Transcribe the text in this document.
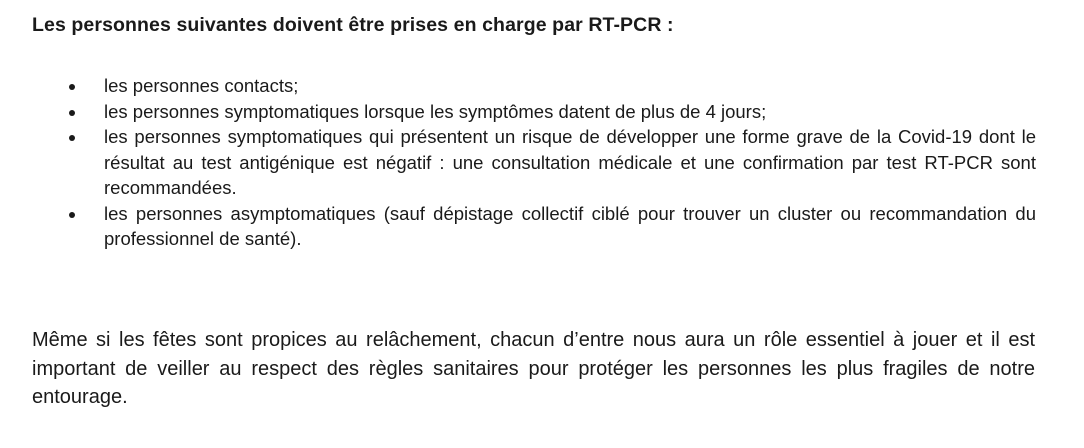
Les personnes suivantes doivent être prises en charge par RT-PCR :
les personnes contacts;
les personnes symptomatiques lorsque les symptômes datent de plus de 4 jours;
les personnes symptomatiques qui présentent un risque de développer une forme grave de la Covid-19 dont le résultat au test antigénique est négatif : une consultation médicale et une confirmation par test RT-PCR sont recommandées.
les personnes asymptomatiques (sauf dépistage collectif ciblé pour trouver un cluster ou recommandation du professionnel de santé).

Même si les fêtes sont propices au relâchement, chacun d’entre nous aura un rôle essentiel à jouer et il est important de veiller au respect des règles sanitaires pour protéger les personnes les plus fragiles de notre entourage.
